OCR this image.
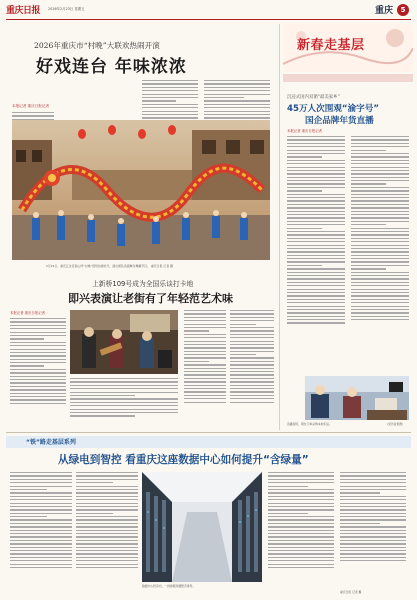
重庆日报 2026年2月23日 星期五	重庆	5
2026年重庆市“村晚”大联欢热闹开演
好戏连台 年味浓浓
本报记者 重庆日报记者
2月21日，重庆江北区铁山坪“村晚”现场热闹非凡，演出团队表演舞龙舞狮节目。 重庆日报 记者 摄
新春走基层
沉浸式国内双循“最美家乡”
45万人次围观“渝字号”
国企品牌年货直播
本报记者 重庆日报记者
直播现场，网友下单采购本地年货。	(受访者供图)
上新桥109号成为全国乐谈打卡地
即兴表演让老街有了年轻范艺术味
本报记者 重庆日报记者
“铁”路走基层系列
从绿电到智控 看重庆这座数据中心如何提升“含绿量”
数据中心机房内，一排排服务器整齐排列。
重庆日报 记者 摄
